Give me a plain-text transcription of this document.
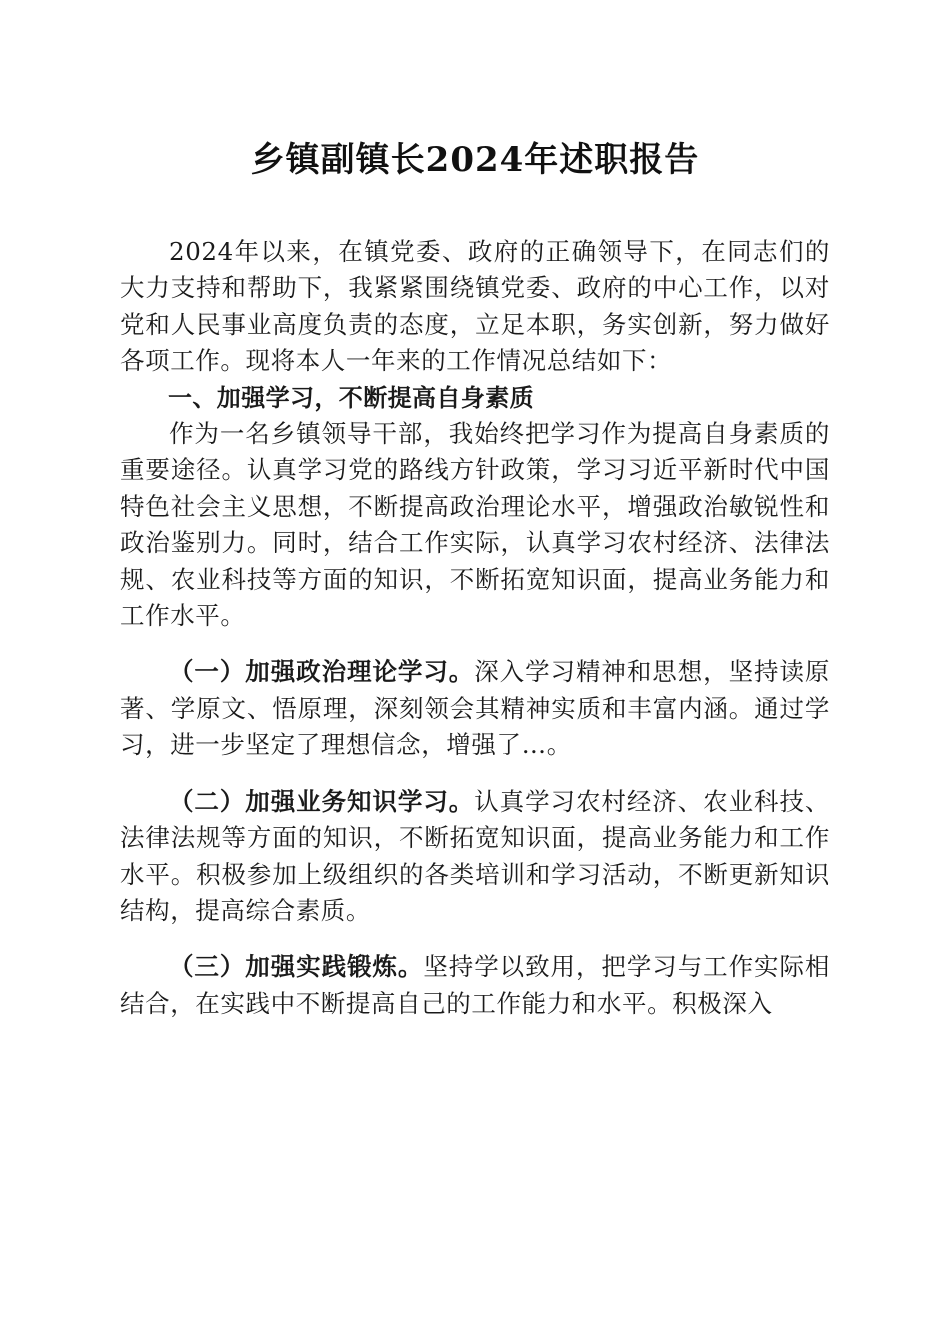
乡镇副镇长2024年述职报告

2024年以来，在镇党委、政府的正确领导下，在同志们的大力支持和帮助下，我紧紧围绕镇党委、政府的中心工作，以对党和人民事业高度负责的态度，立足本职，务实创新，努力做好各项工作。现将本人一年来的工作情况总结如下：

一、加强学习，不断提高自身素质

作为一名乡镇领导干部，我始终把学习作为提高自身素质的重要途径。认真学习党的路线方针政策，学习习近平新时代中国特色社会主义思想，不断提高政治理论水平，增强政治敏锐性和政治鉴别力。同时，结合工作实际，认真学习农村经济、法律法规、农业科技等方面的知识，不断拓宽知识面，提高业务能力和工作水平。

（一）加强政治理论学习。深入学习精神和思想，坚持读原著、学原文、悟原理，深刻领会其精神实质和丰富内涵。通过学习，进一步坚定了理想信念，增强了…。

（二）加强业务知识学习。认真学习农村经济、农业科技、法律法规等方面的知识，不断拓宽知识面，提高业务能力和工作水平。积极参加上级组织的各类培训和学习活动，不断更新知识结构，提高综合素质。

（三）加强实践锻炼。坚持学以致用，把学习与工作实际相结合，在实践中不断提高自己的工作能力和水平。积极深入
